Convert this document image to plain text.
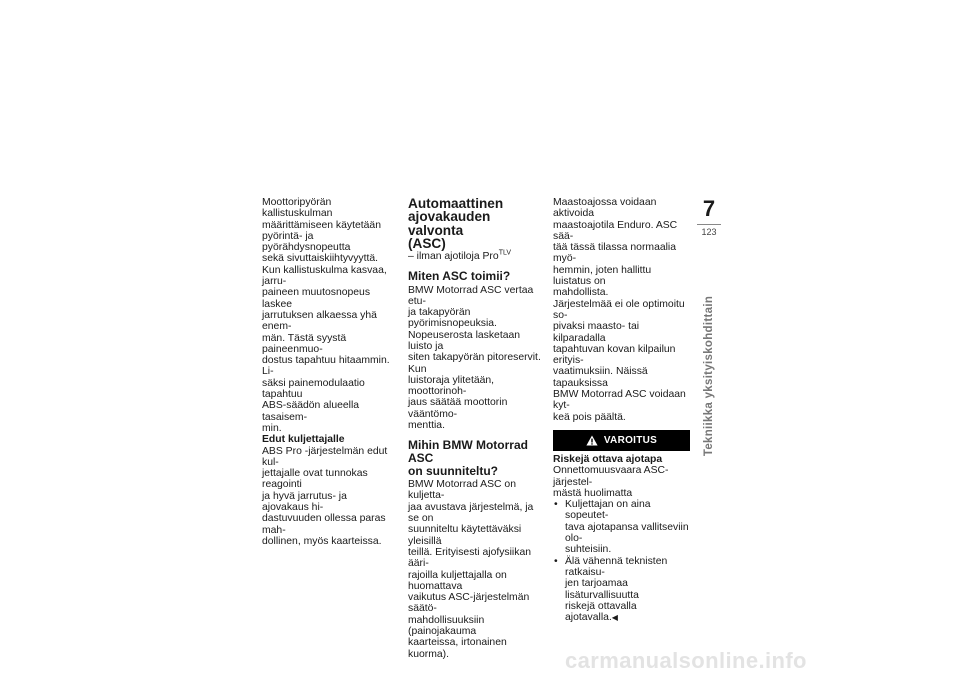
Moottoripyörän kallistuskulman
määrittämiseen käytetään
pyörintä- ja pyörähdysnopeutta
sekä sivuttaiskiihtyvyyttä.
Kun kallistuskulma kasvaa, jarru-
paineen muutosnopeus laskee
jarrutuksen alkaessa yhä enem-
män. Tästä syystä paineenmuo-
dostus tapahtuu hitaammin. Li-
säksi painemodulaatio tapahtuu
ABS-säädön alueella tasaisem-
min.

Edut kuljettajalle

ABS Pro -järjestelmän edut kul-
jettajalle ovat tunnokas reagointi
ja hyvä jarrutus- ja ajovakaus hi-
dastuvuuden ollessa paras mah-
dollinen, myös kaarteissa.

Automaattinen
ajovakauden valvonta
(ASC)

– ilman ajotiloja Pro$^{TLV}$

Miten ASC toimii?

BMW Motorrad ASC vertaa etu-
ja takapyörän pyörimisnopeuksia.
Nopeuserosta lasketaan luisto ja
siten takapyörän pitoreservit. Kun
luistoraja ylitetään, moottorinoh-
jaus säätää moottorin vääntömo-
menttia.

Mihin BMW Motorrad ASC
on suunniteltu?

BMW Motorrad ASC on kuljetta-
jaa avustava järjestelmä, ja se on
suunniteltu käytettäväksi yleisillä
teillä. Erityisesti ajofysiikan ääri-
rajoilla kuljettajalla on huomattava
vaikutus ASC-järjestelmän säätö-
mahdollisuuksiin (painojakauma
kaarteissa, irtonainen kuorma).

Maastoajossa voidaan aktivoida
maastoajotila Enduro. ASC sää-
tää tässä tilassa normaalia myö-
hemmin, joten hallittu luistatus on
mahdollista.

Järjestelmää ei ole optimoitu so-
pivaksi maasto- tai kilparadalla
tapahtuvan kovan kilpailun erityis-
vaatimuksiin. Näissä tapauksissa
BMW Motorrad ASC voidaan kyt-
keä pois päältä.

VAROITUS

Riskejä ottava ajotapa

Onnettomuusvaara ASC-järjestel-
mästä huolimatta

• Kuljettajan on aina sopeutet-
tava ajotapansa vallitseviin olo-
suhteisiin.
• Älä vähennä teknisten ratkaisu-
jen tarjoamaa lisäturvallisuutta
riskejä ottavalla ajotavalla.◀
7
123
Tekniikka yksityiskohdittain
carmanualsonline.info
